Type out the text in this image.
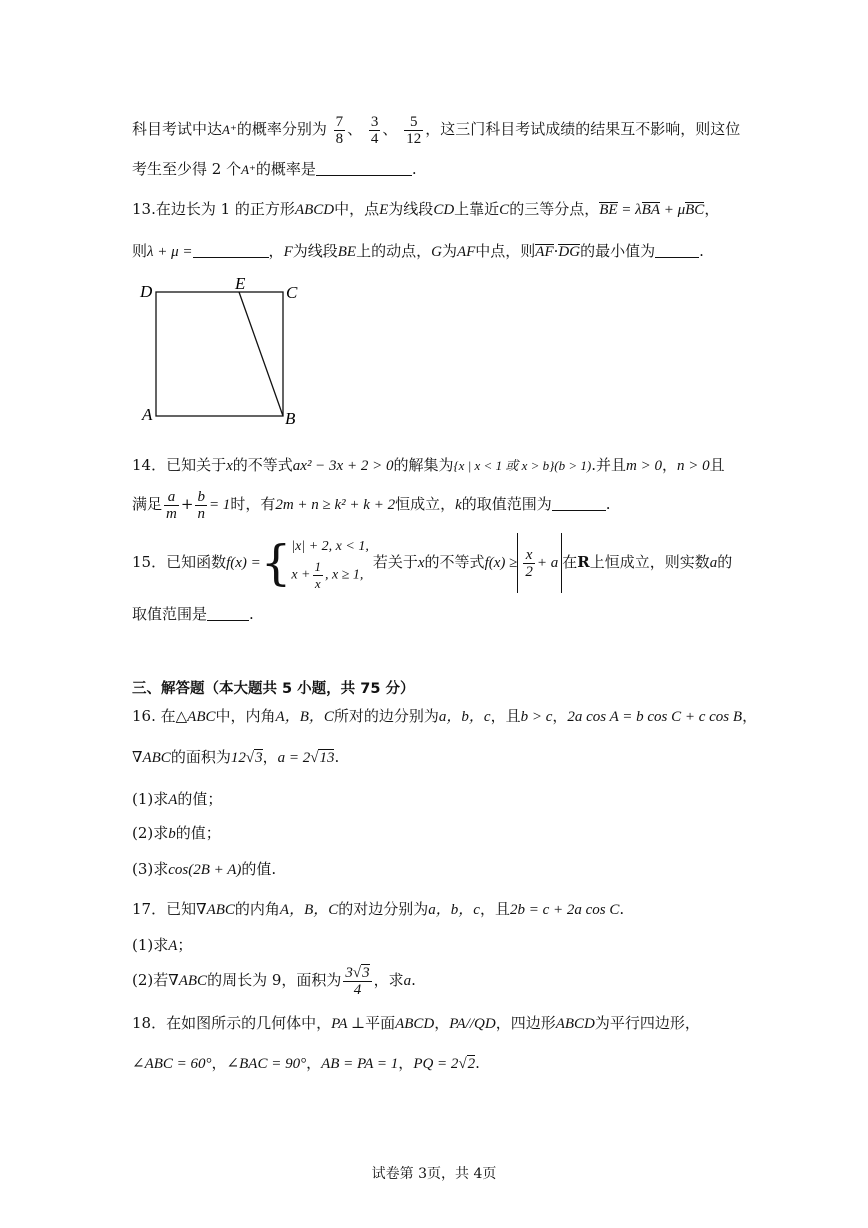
科目考试中达A⁺的概率分别为 $\frac{7}{8}$ 、 $\frac{3}{4}$ 、 $\frac{5}{12}$ ，这三门科目考试成绩的结果互不影响，则这位
考生至少得 2 个A⁺的概率是	.
13.在边长为 1 的正方形ABCD中，点E为线段CD上靠近C的三等分点，BE = λBA + μBC，
则λ + μ =	，F为线段BE上的动点，G为AF中点，则AF·DG的最小值为	.
D	E C
A	B
14．已知关于x的不等式ax² − 3x + 2 > 0的解集为{x | x < 1 或 x > b}(b > 1).并且m > 0，n > 0且
满足 $\frac{a}{m} + \frac{b}{n} = 1$时，有2m + n ≥ k² + k + 2恒成立，k的取值范围为	.
15．已知函数f(x) ={ |x| + 2, x < 1,
$x + \frac{1}{x}$ , x ≥ 1,
若关于x的不等式$f(x) \ge \frac{x}{2} + a$ 在R上恒成立，则实数a的
取值范围是	.
三、解答题（本大题共 5 小题，共 75 分）
16. 在△ABC中，内角A，B，C所对的边分别为a，b，c，且b > c，2a cos A = b cos C + c cos B，
∇ABC的面积为12√3，a = 2√13.
(1)求A的值；
(2)求b的值；
(3)求cos(2B + A)的值.
17．已知∇ABC的内角A，B，C的对边分别为a，b，c，且2b = c + 2a cos C.
(1)求A；
(2)若∇ABC的周长为 9，面积为 $\frac{3√3}{4}$ ，求a.
18．在如图所示的几何体中，PA ⊥平面ABCD，PA//QD，四边形ABCD为平行四边形，
∠ABC = 60°，∠BAC = 90°，AB = PA = 1，PQ = 2√2.
试卷第 3页，共 4页
